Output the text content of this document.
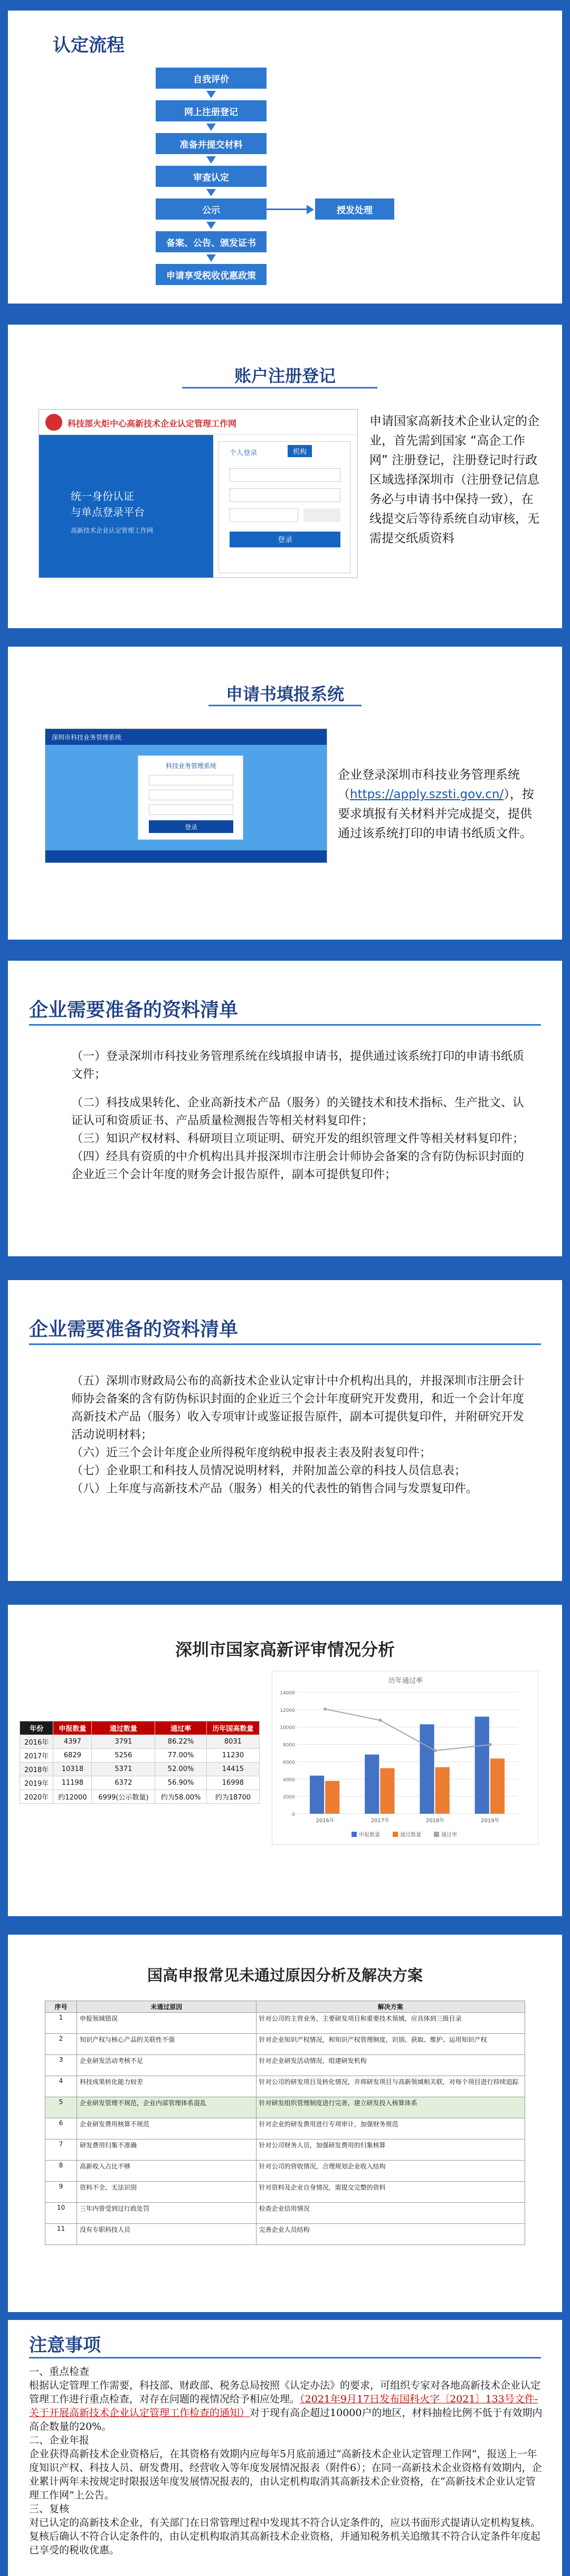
认定流程
自我评价
网上注册登记
准备并提交材料
审查认定
公示	授发处理
备案、公告、颁发证书
申请享受税收优惠政策
账户注册登记
科技部火炬中心高新技术企业认定管理工作网
统一身份认证
与单点登录平台
高新技术企业认定管理工作网
个人登录	机构
登录
申请国家高新技术企业认定的企业，首先需到国家 “高企工作网” 注册登记，注册登记时行政区域选择深圳市（注册登记信息务必与申请书中保持一致），在线提交后等待系统自动审核，无需提交纸质资料
申请书填报系统
深圳市科技业务管理系统
科技业务管理系统
登录
企业登录深圳市科技业务管理系统（https://apply.szsti.gov.cn/），按要求填报有关材料并完成提交，提供通过该系统打印的申请书纸质文件。
企业需要准备的资料清单

（一）登录深圳市科技业务管理系统在线填报申请书，提供通过该系统打印的申请书纸质文件；

（二）科技成果转化、企业高新技术产品（服务）的关键技术和技术指标、生产批文、认证认可和资质证书、产品质量检测报告等相关材料复印件；

（三）知识产权材料、科研项目立项证明、研究开发的组织管理文件等相关材料复印件；

（四）经具有资质的中介机构出具并报深圳市注册会计师协会备案的含有防伪标识封面的企业近三个会计年度的财务会计报告原件，副本可提供复印件；

企业需要准备的资料清单

（五）深圳市财政局公布的高新技术企业认定审计中介机构出具的，并报深圳市注册会计师协会备案的含有防伪标识封面的企业近三个会计年度研究开发费用，和近一个会计年度高新技术产品（服务）收入专项审计或鉴证报告原件，副本可提供复印件，并附研究开发活动说明材料；

（六）近三个会计年度企业所得税年度纳税申报表主表及附表复印件；

（七）企业职工和科技人员情况说明材料，并附加盖公章的科技人员信息表；

（八）上年度与高新技术产品（服务）相关的代表性的销售合同与发票复印件。

深圳市国家高新评审情况分析
年份	申报数量	通过数量	通过率	历年国高数量
2016年	4397	3791	86.22%	8031
2017年	6829	5256	77.00%	11230
2018年	10318	5371	52.00%	14415
2019年	11198	6372	56.90%	16998
2020年	约12000	6999(公示数量)	约为58.00%	约为18700
历年通过率
0
2000
4000
6000
8000
10000
12000
14000
2016年	2017年	2018年	2019年
申报数量	通过数量	通过率
国高申报常见未通过原因分析及解决方案
序号	未通过原因	解决方案
1	申报领域错误	针对公司的主营业务，主要研发项目和重要技术领域，应具体到三级目录
2	知识产权与核心产品的关联性不强	针对企业知识产权情况，和知识产权管理制度，识别、获取、维护、运用知识产权
3	企业研发活动考核不足	针对企业研发活动情况，组建研发机构
4	科技成果转化能力较差	针对公司的研发项目及转化情况，并将研发项目与高新领域相关联，对每个项目进行持续追踪
5	企业研发管理不规范，企业内部管理体系混乱	针对研发组织管理制度进行完善，建立研发投入核算体系
6	企业研发费用核算不规范	针对企业的研发费用进行专项审计，加强财务规范
7	研发费用归集不准确	针对公司财务人员，加强研发费用的归集核算
8	高新收入占比不够	针对公司的营收情况，合理规划企业收入结构
9	资料不全、无法识别	针对资料及企业自身情况，需提交完整的资料
10	三年内曾受到过行政处罚	检查企业信用情况
11	没有专职科技人员	完善企业人员结构
注意事项

一、重点检查

根据认定管理工作需要，科技部、财政部、税务总局按照《认定办法》的要求，可组织专家对各地高新技术企业认定管理工作进行重点检查，对存在问题的视情况给予相应处理。（2021年9月17日发布国科火字〔2021〕133号文件-关于开展高新技术企业认定管理工作检查的通知）对于现有高企超过10000户的地区，材料抽检比例不低于有效期内高企数量的20%。

二、企业年报

企业获得高新技术企业资格后，在其资格有效期内应每年5月底前通过“高新技术企业认定管理工作网”，报送上一年度知识产权、科技人员、研发费用、经营收入等年度发展情况报表（附件6）；在同一高新技术企业资格有效期内，企业累计两年未按规定时限报送年度发展情况报表的，由认定机构取消其高新技术企业资格，在“高新技术企业认定管理工作网”上公告。

三、复核

对已认定的高新技术企业，有关部门在日常管理过程中发现其不符合认定条件的，应以书面形式提请认定机构复核。复核后确认不符合认定条件的，由认定机构取消其高新技术企业资格，并通知税务机关追缴其不符合认定条件年度起已享受的税收优惠。
